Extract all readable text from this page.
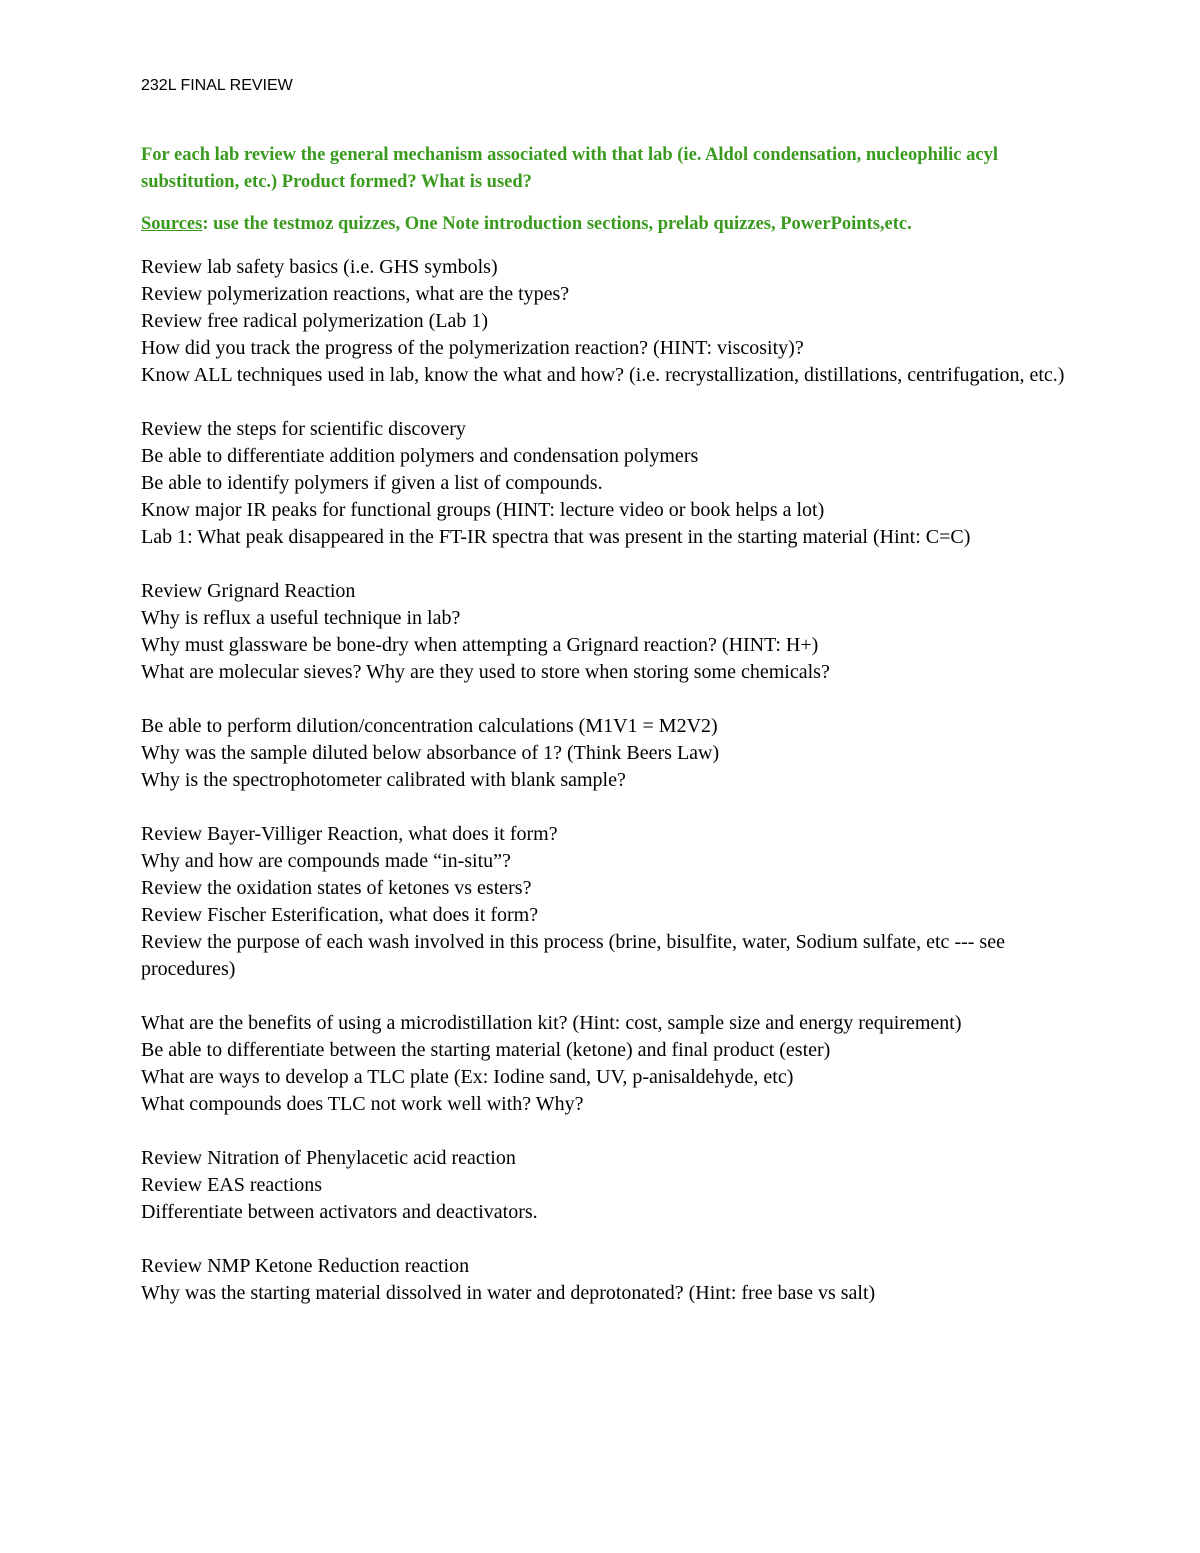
232L FINAL REVIEW
For each lab review the general mechanism associated with that lab (ie. Aldol condensation, nucleophilic acyl substitution, etc.) Product formed? What is used?
Sources: use the testmoz quizzes, One Note introduction sections, prelab quizzes, PowerPoints,etc.
Review lab safety basics (i.e. GHS symbols)
Review polymerization reactions, what are the types?
Review free radical polymerization (Lab 1)
How did you track the progress of the polymerization reaction? (HINT: viscosity)?
Know ALL techniques used in lab, know the what and how? (i.e. recrystallization, distillations, centrifugation, etc.)
Review the steps for scientific discovery
Be able to differentiate addition polymers and condensation polymers
Be able to identify polymers if given a list of compounds.
Know major IR peaks for functional groups (HINT: lecture video or book helps a lot)
Lab 1: What peak disappeared in the FT-IR spectra that was present in the starting material (Hint: C=C)
Review Grignard Reaction
Why is reflux a useful technique in lab?
Why must glassware be bone-dry when attempting a Grignard reaction? (HINT: H+)
What are molecular sieves? Why are they used to store when storing some chemicals?
Be able to perform dilution/concentration calculations (M1V1 = M2V2)
Why was the sample diluted below absorbance of 1? (Think Beers Law)
Why is the spectrophotometer calibrated with blank sample?
Review Bayer-Villiger Reaction, what does it form?
Why and how are compounds made “in-situ”?
Review the oxidation states of ketones vs esters?
Review Fischer Esterification, what does it form?
Review the purpose of each wash involved in this process (brine, bisulfite, water, Sodium sulfate, etc --- see procedures)
What are the benefits of using a microdistillation kit? (Hint: cost, sample size and energy requirement)
Be able to differentiate between the starting material (ketone) and final product (ester)
What are ways to develop a TLC plate (Ex: Iodine sand, UV, p-anisaldehyde, etc)
What compounds does TLC not work well with? Why?
Review Nitration of Phenylacetic acid reaction
Review EAS reactions
Differentiate between activators and deactivators.
Review NMP Ketone Reduction reaction
Why was the starting material dissolved in water and deprotonated? (Hint: free base vs salt)
